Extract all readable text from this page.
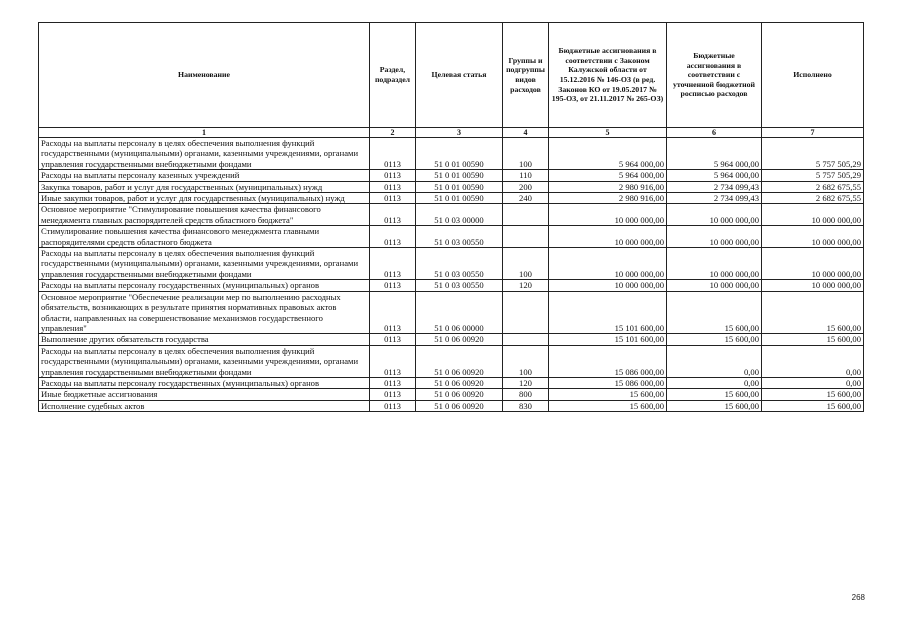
Наименование	Раздел, подраздел	Целевая статья	Группы и подгруппы видов расходов	Бюджетные ассигнования в соответствии с Законом Калужской области от 15.12.2016 № 146-ОЗ (в ред. Законов КО от 19.05.2017 № 195-ОЗ, от 21.11.2017 № 265-ОЗ)	Бюджетные ассигнования в соответствии с уточненной бюджетной росписью расходов	Исполнено
1	2	3	4	5	6	7
Расходы на выплаты персоналу в целях обеспечения выполнения функций государственными (муниципальными) органами, казенными учреждениями, органами управления государственными внебюджетными фондами	0113	51 0 01 00590	100	5 964 000,00	5 964 000,00	5 757 505,29
Расходы на выплаты персоналу казенных учреждений	0113	51 0 01 00590	110	5 964 000,00	5 964 000,00	5 757 505,29
Закупка товаров, работ и услуг для государственных (муниципальных) нужд	0113	51 0 01 00590	200	2 980 916,00	2 734 099,43	2 682 675,55
Иные закупки товаров, работ и услуг для государственных (муниципальных) нужд	0113	51 0 01 00590	240	2 980 916,00	2 734 099,43	2 682 675,55
Основное мероприятие "Стимулирование повышения качества финансового менеджмента главных распорядителей средств областного бюджета"	0113	51 0 03 00000		10 000 000,00	10 000 000,00	10 000 000,00
Стимулирование повышения качества финансового менеджмента главными распорядителями средств областного бюджета	0113	51 0 03 00550		10 000 000,00	10 000 000,00	10 000 000,00
Расходы на выплаты персоналу в целях обеспечения выполнения функций государственными (муниципальными) органами, казенными учреждениями, органами управления государственными внебюджетными фондами	0113	51 0 03 00550	100	10 000 000,00	10 000 000,00	10 000 000,00
Расходы на выплаты персоналу государственных (муниципальных) органов	0113	51 0 03 00550	120	10 000 000,00	10 000 000,00	10 000 000,00
Основное мероприятие "Обеспечение реализации мер по выполнению расходных обязательств, возникающих в результате принятия нормативных правовых актов области, направленных на совершенствование механизмов государственного управления"	0113	51 0 06 00000		15 101 600,00	15 600,00	15 600,00
Выполнение других обязательств государства	0113	51 0 06 00920		15 101 600,00	15 600,00	15 600,00
Расходы на выплаты персоналу в целях обеспечения выполнения функций государственными (муниципальными) органами, казенными учреждениями, органами управления государственными внебюджетными фондами	0113	51 0 06 00920	100	15 086 000,00	0,00	0,00
Расходы на выплаты персоналу государственных (муниципальных) органов	0113	51 0 06 00920	120	15 086 000,00	0,00	0,00
Иные бюджетные ассигнования	0113	51 0 06 00920	800	15 600,00	15 600,00	15 600,00
Исполнение судебных актов	0113	51 0 06 00920	830	15 600,00	15 600,00	15 600,00
268
